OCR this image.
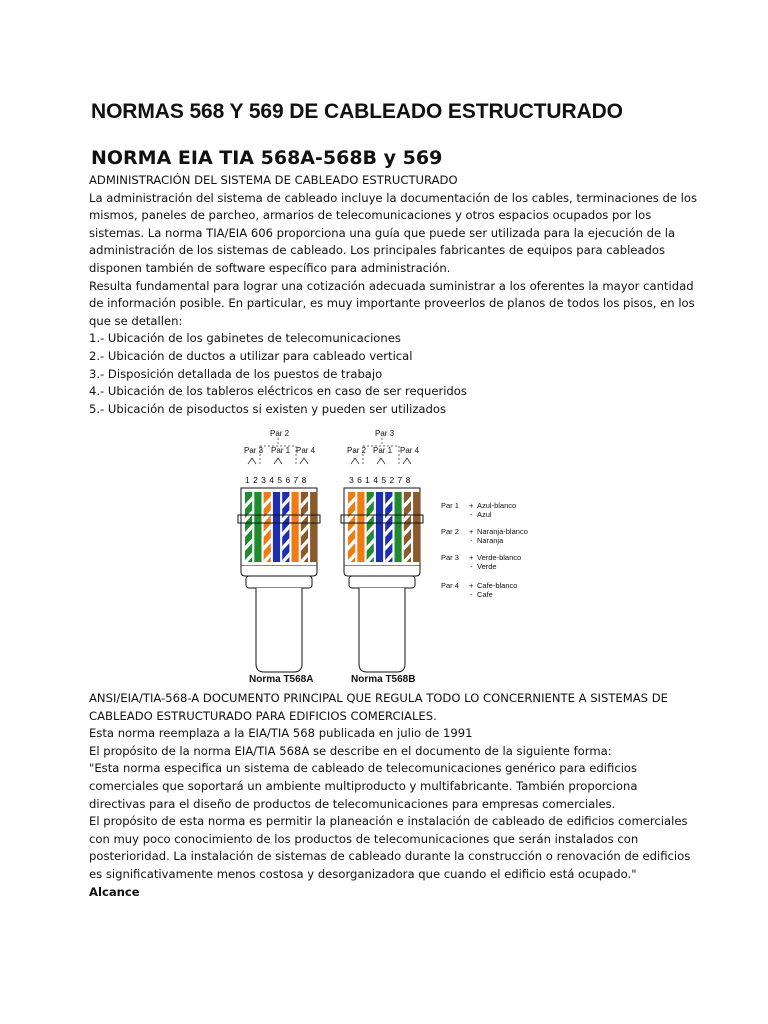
NORMAS 568 Y 569 DE CABLEADO ESTRUCTURADO
NORMA EIA TIA 568A-568B y 569

ADMINISTRACIÓN DEL SISTEMA DE CABLEADO ESTRUCTURADO

La administración del sistema de cableado incluye la documentación de los cables, terminaciones de los

mismos, paneles de parcheo, armarios de telecomunicaciones y otros espacios ocupados por los

sistemas. La norma TIA/EIA 606 proporciona una guía que puede ser utilizada para la ejecución de la

administración de los sistemas de cableado. Los principales fabricantes de equipos para cableados

disponen también de software específico para administración.

Resulta fundamental para lograr una cotización adecuada suministrar a los oferentes la mayor cantidad

de información posible. En particular, es muy importante proveerlos de planos de todos los pisos, en los

que se detallen:

1.- Ubicación de los gabinetes de telecomunicaciones

2.- Ubicación de ductos a utilizar para cableado vertical

3.- Disposición detallada de los puestos de trabajo

4.- Ubicación de los tableros eléctricos en caso de ser requeridos

5.- Ubicación de pisoductos si existen y pueden ser utilizados

Par 2
Par 3 Par 1 Par 4
1 2 3 4 5 6 7 8
Norma T568A
Par 3
Par 2 Par 1 Par 4
3 6 1 4 5 2 7 8
Norma T568B
Par 1 + Azul-blanco
- Azul
Par 2 + Naranja-blanco
- Naranja
Par 3 + Verde-blanco
- Verde
Par 4 + Cafe-blanco
- Cafe

ANSI/EIA/TIA-568-A DOCUMENTO PRINCIPAL QUE REGULA TODO LO CONCERNIENTE A SISTEMAS DE

CABLEADO ESTRUCTURADO PARA EDIFICIOS COMERCIALES.

Esta norma reemplaza a la EIA/TIA 568 publicada en julio de 1991

El propósito de la norma EIA/TIA 568A se describe en el documento de la siguiente forma:

"Esta norma especifica un sistema de cableado de telecomunicaciones genérico para edificios

comerciales que soportará un ambiente multiproducto y multifabricante. También proporciona

directivas para el diseño de productos de telecomunicaciones para empresas comerciales.

El propósito de esta norma es permitir la planeación e instalación de cableado de edificios comerciales

con muy poco conocimiento de los productos de telecomunicaciones que serán instalados con

posterioridad. La instalación de sistemas de cableado durante la construcción o renovación de edificios

es significativamente menos costosa y desorganizadora que cuando el edificio está ocupado."

Alcance
